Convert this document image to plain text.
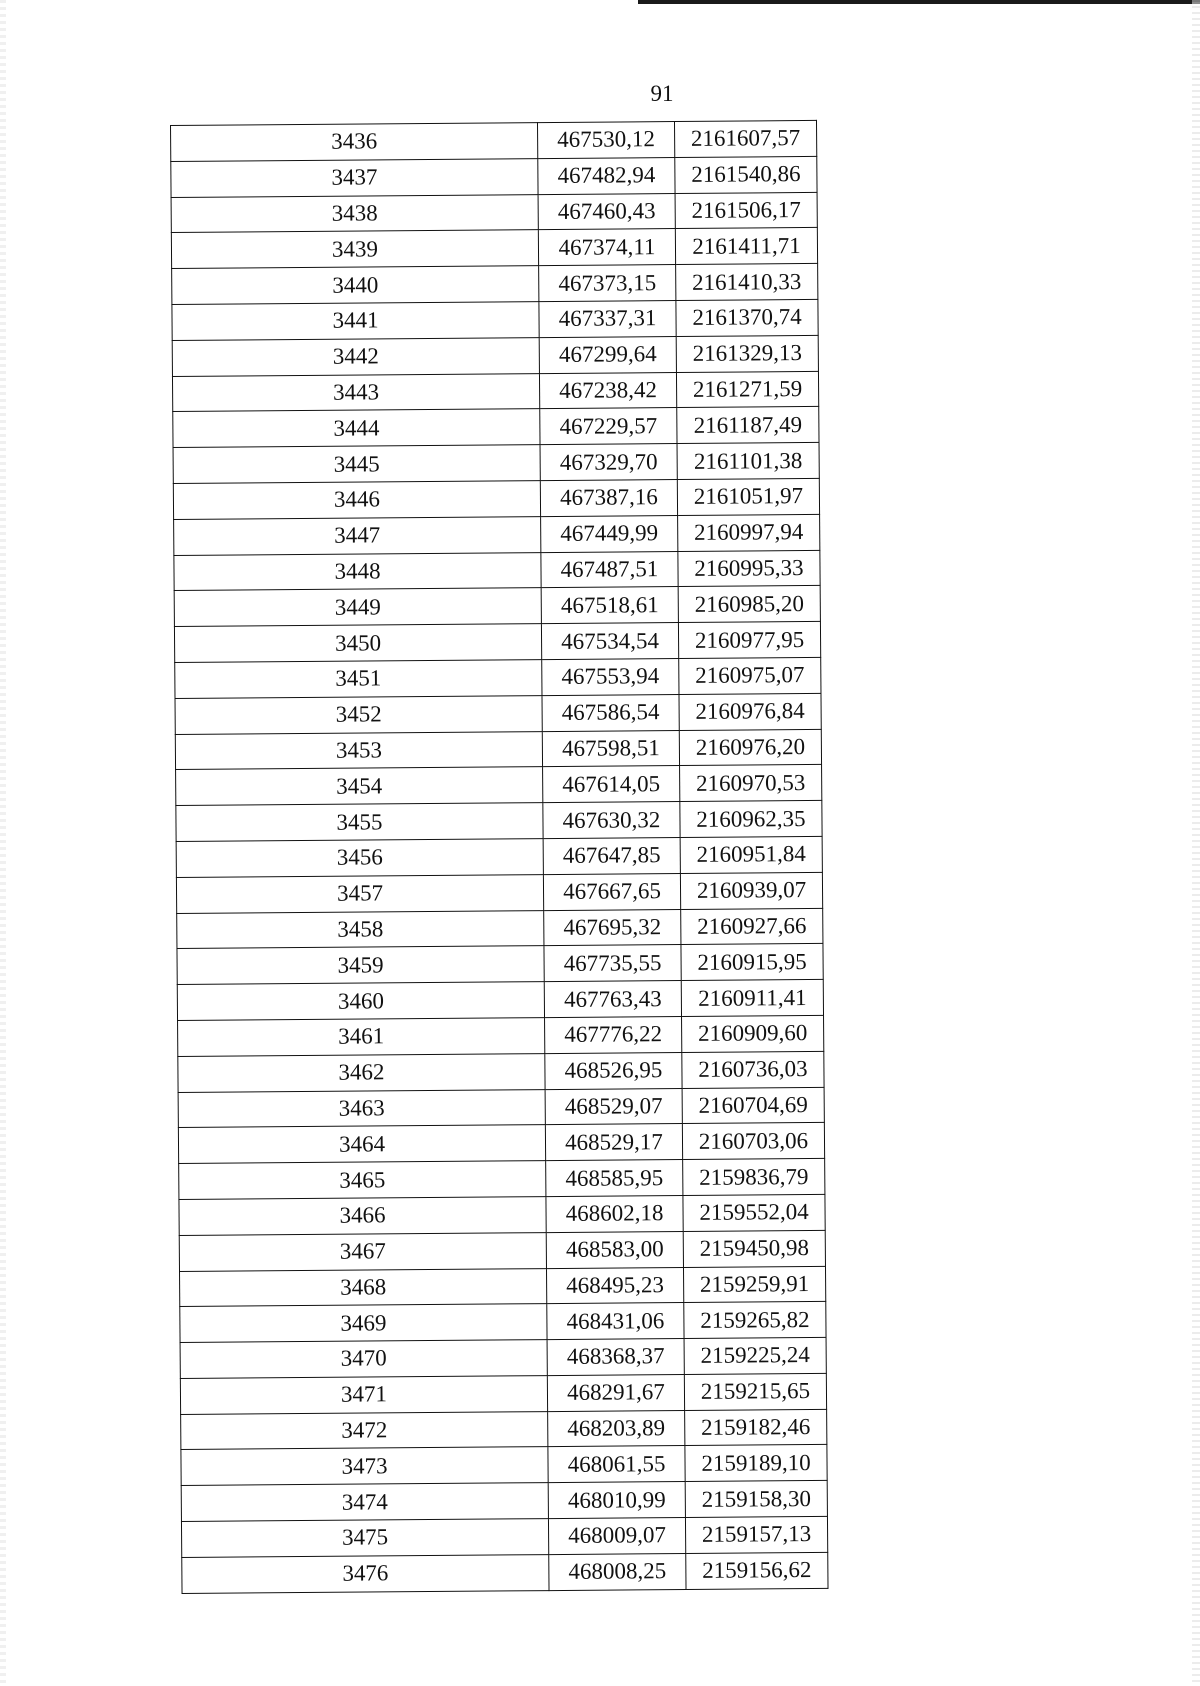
91
3436	467530,12	2161607,57
3437	467482,94	2161540,86
3438	467460,43	2161506,17
3439	467374,11	2161411,71
3440	467373,15	2161410,33
3441	467337,31	2161370,74
3442	467299,64	2161329,13
3443	467238,42	2161271,59
3444	467229,57	2161187,49
3445	467329,70	2161101,38
3446	467387,16	2161051,97
3447	467449,99	2160997,94
3448	467487,51	2160995,33
3449	467518,61	2160985,20
3450	467534,54	2160977,95
3451	467553,94	2160975,07
3452	467586,54	2160976,84
3453	467598,51	2160976,20
3454	467614,05	2160970,53
3455	467630,32	2160962,35
3456	467647,85	2160951,84
3457	467667,65	2160939,07
3458	467695,32	2160927,66
3459	467735,55	2160915,95
3460	467763,43	2160911,41
3461	467776,22	2160909,60
3462	468526,95	2160736,03
3463	468529,07	2160704,69
3464	468529,17	2160703,06
3465	468585,95	2159836,79
3466	468602,18	2159552,04
3467	468583,00	2159450,98
3468	468495,23	2159259,91
3469	468431,06	2159265,82
3470	468368,37	2159225,24
3471	468291,67	2159215,65
3472	468203,89	2159182,46
3473	468061,55	2159189,10
3474	468010,99	2159158,30
3475	468009,07	2159157,13
3476	468008,25	2159156,62
